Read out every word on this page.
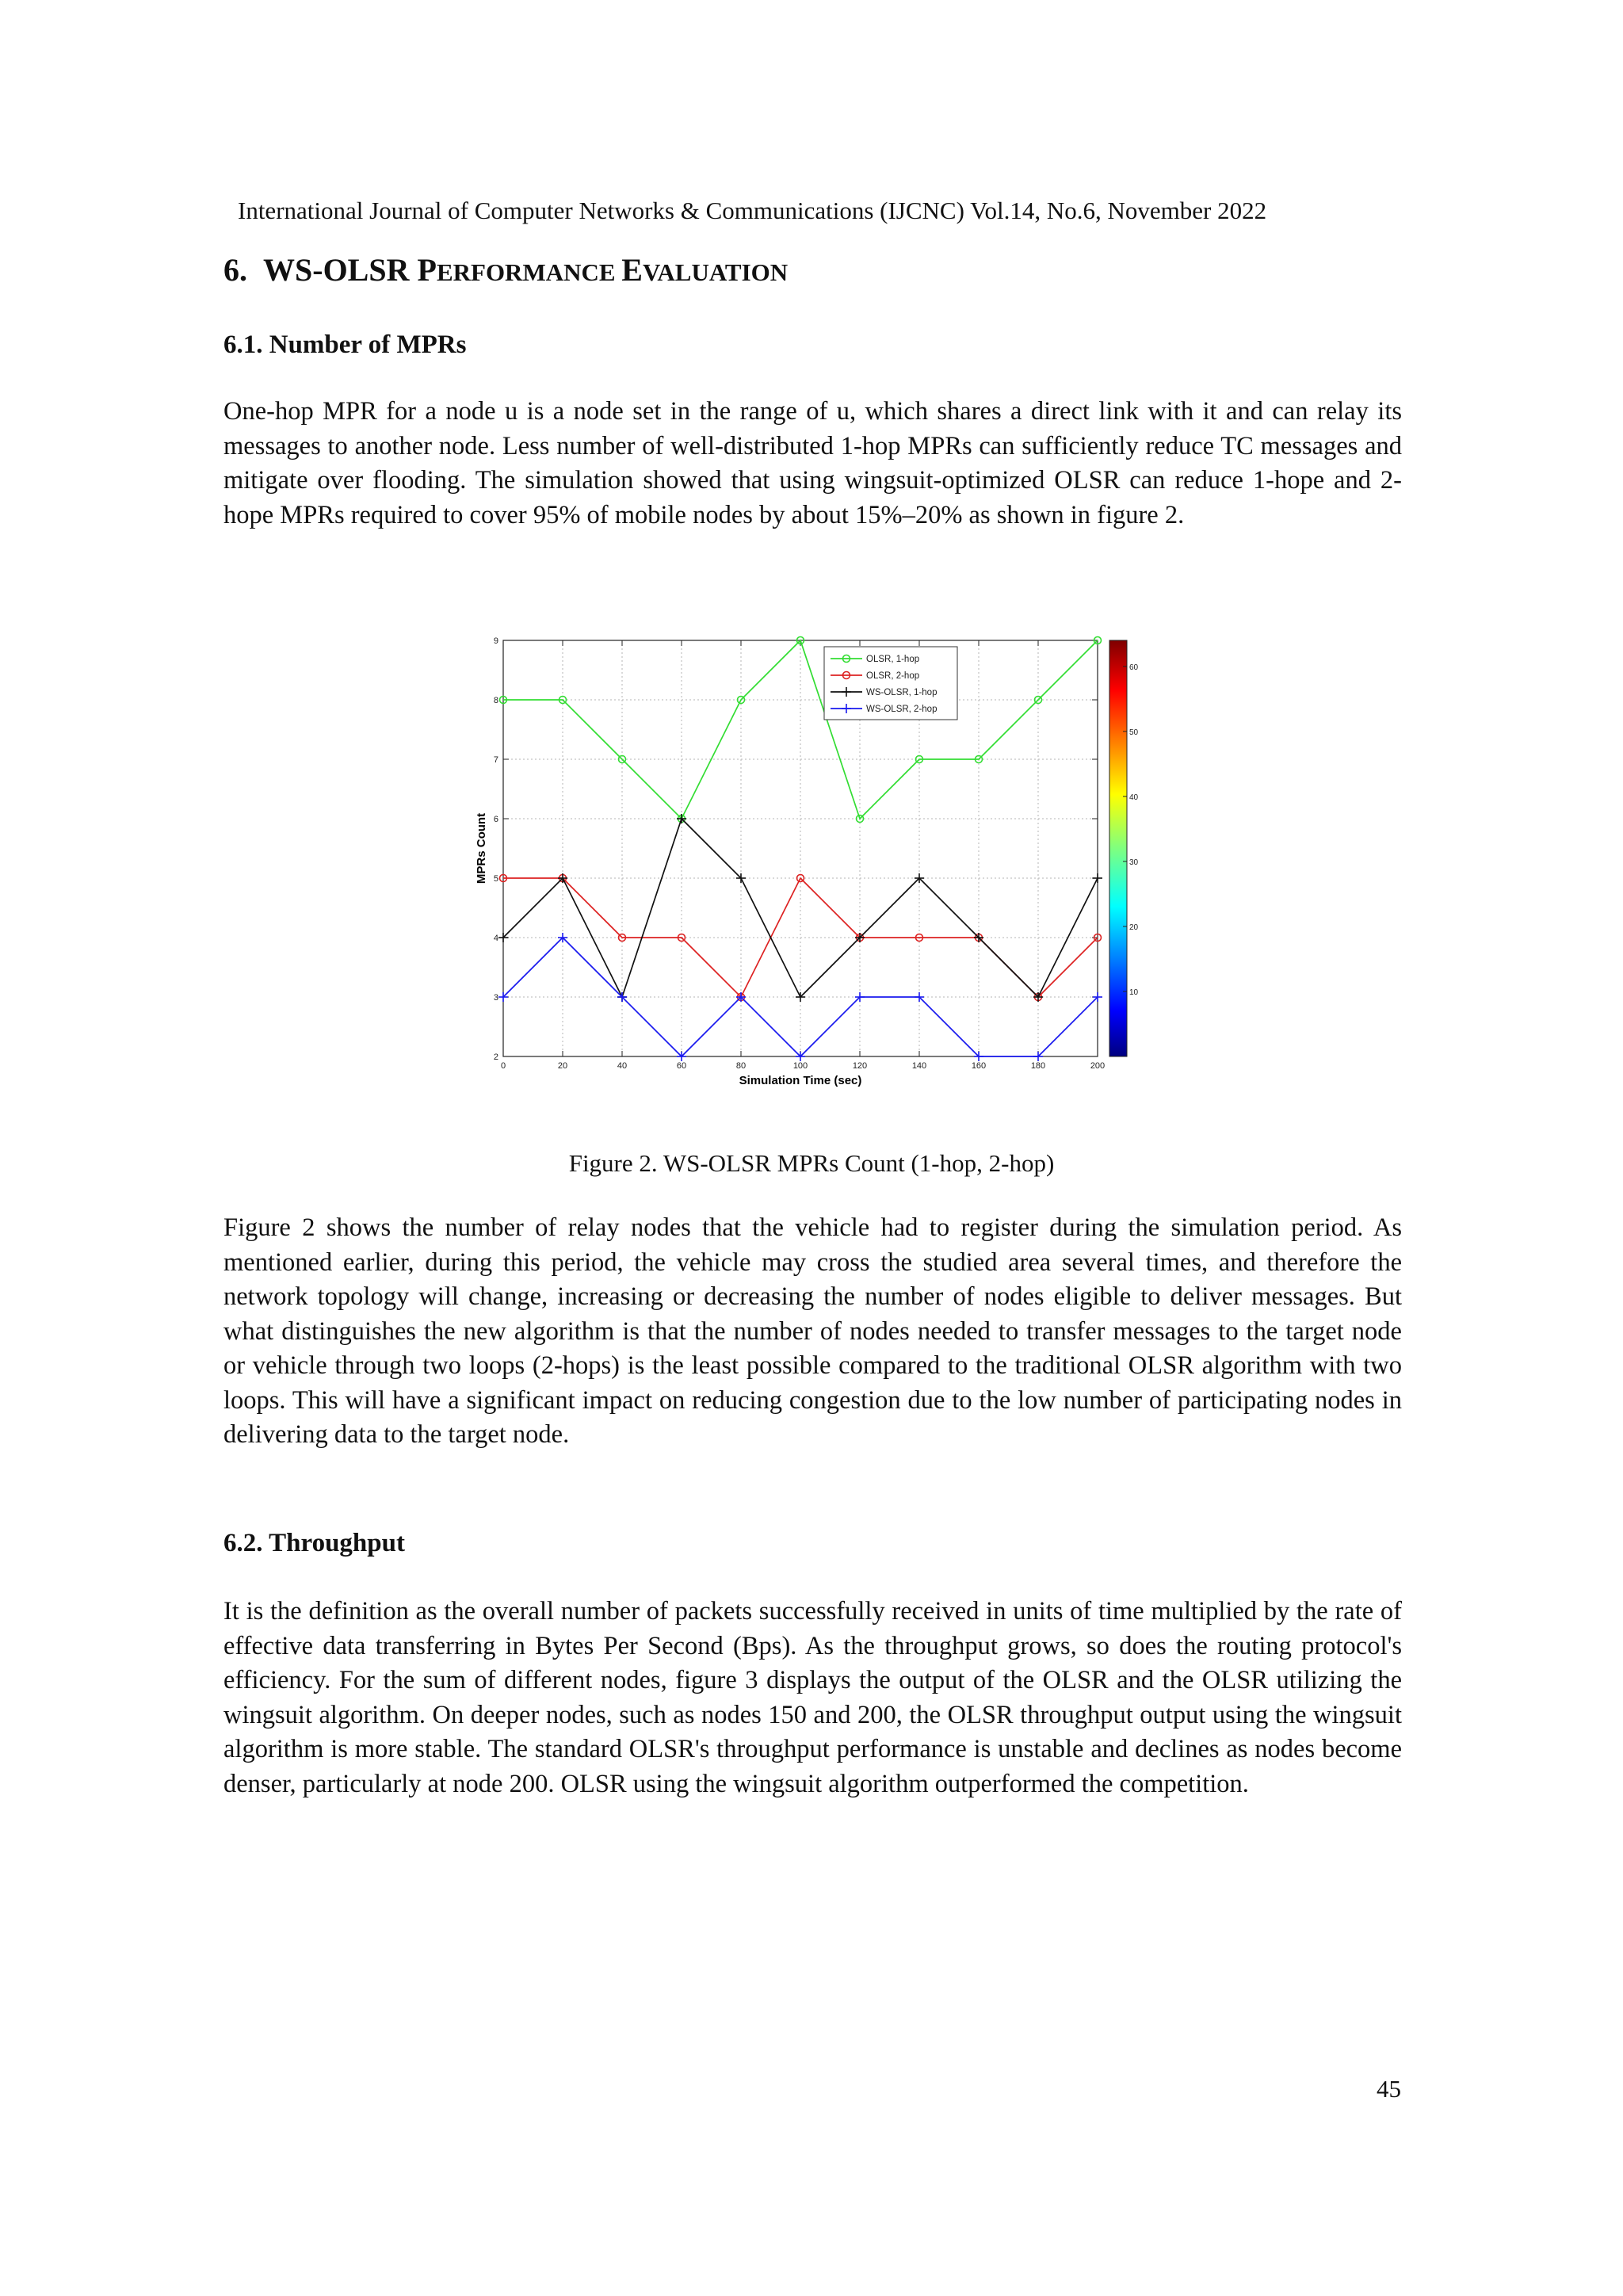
International Journal of Computer Networks & Communications (IJCNC) Vol.14, No.6, November 2022
6. WS-OLSR PERFORMANCE EVALUATION
6.1. Number of MPRs

One-hop MPR for a node u is a node set in the range of u, which shares a direct link with it and can relay its messages to another node. Less number of well-distributed 1-hop MPRs can sufficiently reduce TC messages and mitigate over flooding. The simulation showed that using wingsuit-optimized OLSR can reduce 1-hope and 2-hope MPRs required to cover 95% of mobile nodes by about 15%–20% as shown in figure 2.

0	20	40	60	80	100	120	140	160	180	200
2
3
4
5
6
7
8
9
OLSR, 1-hop
OLSR, 2-hop
WS-OLSR, 1-hop
WS-OLSR, 2-hop
10
20
30
40
50
60
Simulation Time (sec)
MPRs Count
Figure 2. WS-OLSR MPRs Count (1-hop, 2-hop)

Figure 2 shows the number of relay nodes that the vehicle had to register during the simulation period. As mentioned earlier, during this period, the vehicle may cross the studied area several times, and therefore the network topology will change, increasing or decreasing the number of nodes eligible to deliver messages. But what distinguishes the new algorithm is that the number of nodes needed to transfer messages to the target node or vehicle through two loops (2-hops) is the least possible compared to the traditional OLSR algorithm with two loops. This will have a significant impact on reducing congestion due to the low number of participating nodes in delivering data to the target node.

6.2. Throughput

It is the definition as the overall number of packets successfully received in units of time multiplied by the rate of effective data transferring in Bytes Per Second (Bps). As the throughput grows, so does the routing protocol's efficiency. For the sum of different nodes, figure 3 displays the output of the OLSR and the OLSR utilizing the wingsuit algorithm. On deeper nodes, such as nodes 150 and 200, the OLSR throughput output using the wingsuit algorithm is more stable. The standard OLSR's throughput performance is unstable and declines as nodes become denser, particularly at node 200. OLSR using the wingsuit algorithm outperformed the competition.

45
